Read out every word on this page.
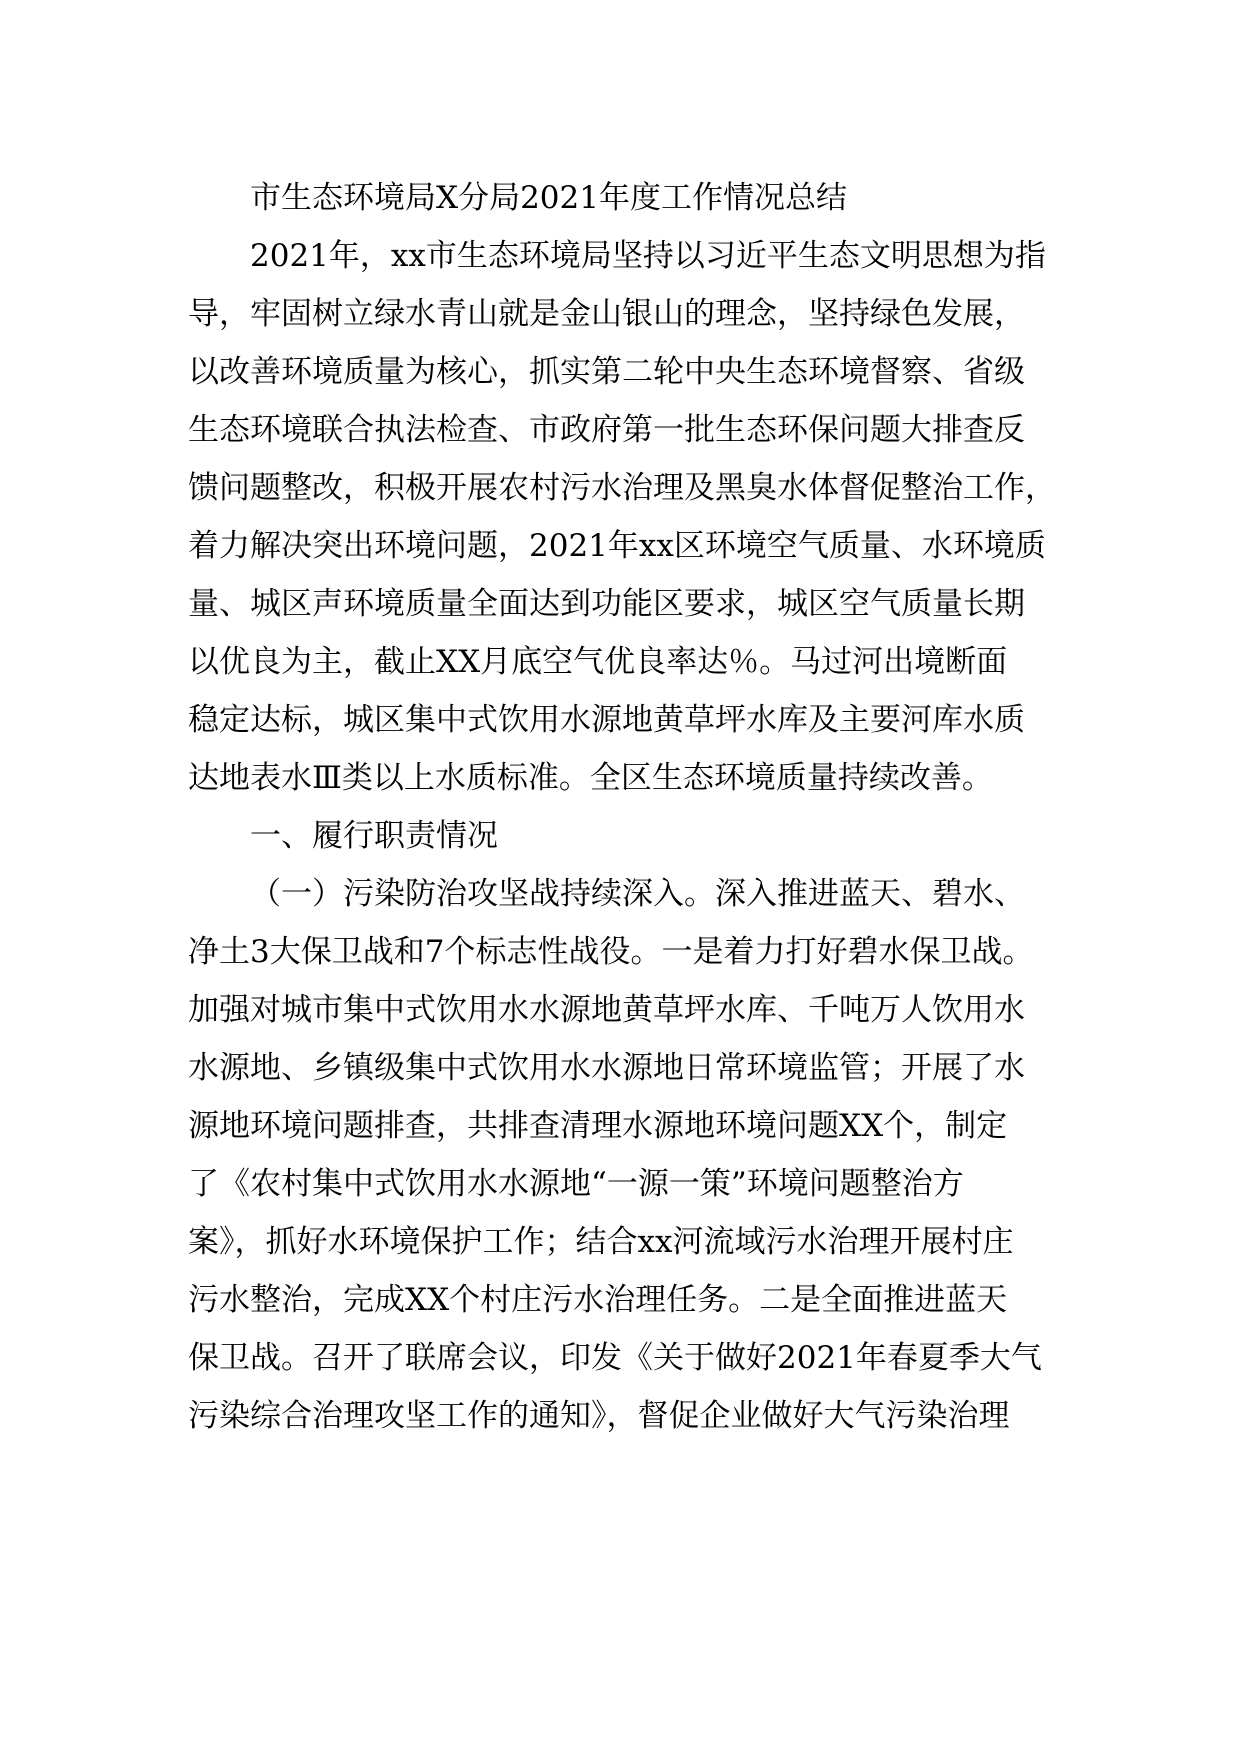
市生态环境局X分局2021年度工作情况总结
2021年，xx市生态环境局坚持以习近平生态文明思想为指
导，牢固树立绿水青山就是金山银山的理念，坚持绿色发展，
以改善环境质量为核心，抓实第二轮中央生态环境督察、省级
生态环境联合执法检查、市政府第一批生态环保问题大排查反
馈问题整改，积极开展农村污水治理及黑臭水体督促整治工作，
着力解决突出环境问题，2021年xx区环境空气质量、水环境质
量、城区声环境质量全面达到功能区要求，城区空气质量长期
以优良为主，截止XX月底空气优良率达％。马过河出境断面
稳定达标，城区集中式饮用水源地黄草坪水库及主要河库水质
达地表水Ⅲ类以上水质标准。全区生态环境质量持续改善。
一、履行职责情况
（一）污染防治攻坚战持续深入。深入推进蓝天、碧水、
净土3大保卫战和7个标志性战役。一是着力打好碧水保卫战。
加强对城市集中式饮用水水源地黄草坪水库、千吨万人饮用水
水源地、乡镇级集中式饮用水水源地日常环境监管；开展了水
源地环境问题排查，共排查清理水源地环境问题XX个，制定
了《农村集中式饮用水水源地“一源一策”环境问题整治方
案》，抓好水环境保护工作；结合xx河流域污水治理开展村庄
污水整治，完成XX个村庄污水治理任务。二是全面推进蓝天
保卫战。召开了联席会议，印发《关于做好2021年春夏季大气
污染综合治理攻坚工作的通知》，督促企业做好大气污染治理
